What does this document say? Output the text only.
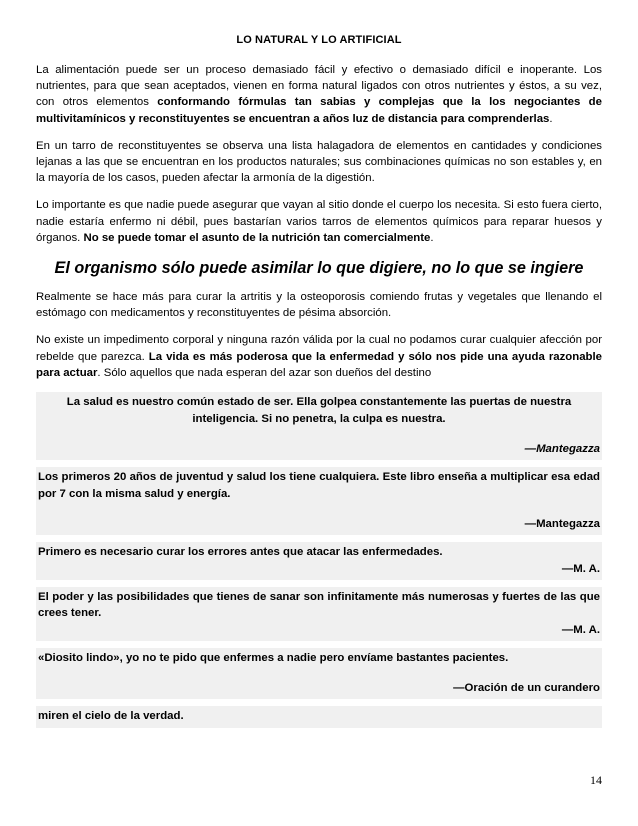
LO NATURAL Y LO ARTIFICIAL

La alimentación puede ser un proceso demasiado fácil y efectivo o demasiado difícil e inoperante. Los nutrientes, para que sean aceptados, vienen en forma natural ligados con otros nutrientes y éstos, a su vez, con otros elementos conformando fórmulas tan sabias y complejas que la los negociantes de multivitamínicos y reconstituyentes se encuentran a años luz de distancia para comprenderlas.

En un tarro de reconstituyentes se observa una lista halagadora de elementos en cantidades y condiciones lejanas a las que se encuentran en los productos naturales; sus combinaciones químicas no son estables y, en la mayoría de los casos, pueden afectar la armonía de la digestión.

Lo importante es que nadie puede asegurar que vayan al sitio donde el cuerpo los necesita. Si esto fuera cierto, nadie estaría enfermo ni débil, pues bastarían varios tarros de elementos químicos para reparar huesos y órganos. No se puede tomar el asunto de la nutrición tan comercialmente.

El organismo sólo puede asimilar lo que digiere, no lo que se ingiere

Realmente se hace más para curar la artritis y la osteoporosis comiendo frutas y vegetales que llenando el estómago con medicamentos y reconstituyentes de pésima absorción.

No existe un impedimento corporal y ninguna razón válida por la cual no podamos curar cualquier afección por rebelde que parezca. La vida es más poderosa que la enfermedad y sólo nos pide una ayuda razonable para actuar. Sólo aquellos que nada esperan del azar son dueños del destino

La salud es nuestro común estado de ser. Ella golpea constantemente las puertas de nuestra inteligencia. Si no penetra, la culpa es nuestra.
—Mantegazza
Los primeros 20 años de juventud y salud los tiene cualquiera. Este libro enseña a multiplicar esa edad por 7 con la misma salud y energía.
—Mantegazza
Primero es necesario curar los errores antes que atacar las enfermedades.
—M. A.
El poder y las posibilidades que tienes de sanar son infinitamente más numerosas y fuertes de las que crees tener.
—M. A.
«Diosito lindo», yo no te pido que enfermes a nadie pero envíame bastantes pacientes.
—Oración de un curandero
miren el cielo de la verdad.
14
